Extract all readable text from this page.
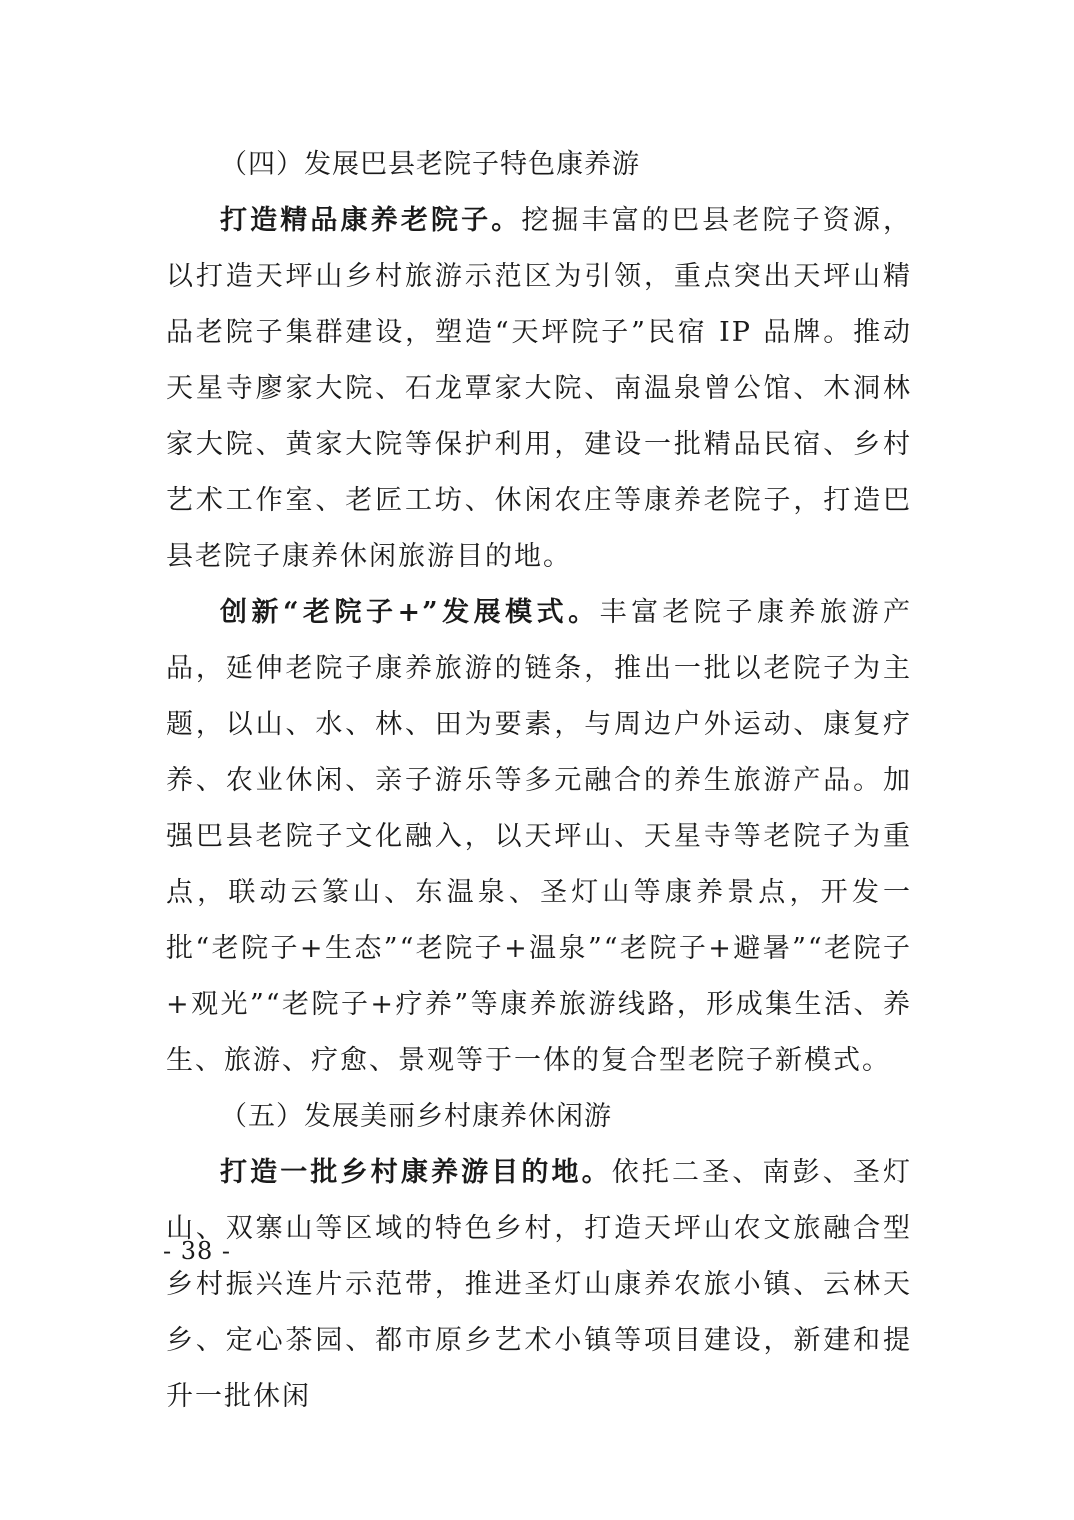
（四）发展巴县老院子特色康养游

打造精品康养老院子。挖掘丰富的巴县老院子资源，以打造天坪山乡村旅游示范区为引领，重点突出天坪山精品老院子集群建设，塑造“天坪院子”民宿 IP 品牌。推动天星寺廖家大院、石龙覃家大院、南温泉曾公馆、木洞林家大院、黄家大院等保护利用，建设一批精品民宿、乡村艺术工作室、老匠工坊、休闲农庄等康养老院子，打造巴县老院子康养休闲旅游目的地。

创新“老院子+”发展模式。丰富老院子康养旅游产品，延伸老院子康养旅游的链条，推出一批以老院子为主题，以山、水、林、田为要素，与周边户外运动、康复疗养、农业休闲、亲子游乐等多元融合的养生旅游产品。加强巴县老院子文化融入，以天坪山、天星寺等老院子为重点，联动云篆山、东温泉、圣灯山等康养景点，开发一批“老院子+生态”“老院子+温泉”“老院子+避暑”“老院子+观光”“老院子+疗养”等康养旅游线路，形成集生活、养生、旅游、疗愈、景观等于一体的复合型老院子新模式。

（五）发展美丽乡村康养休闲游

打造一批乡村康养游目的地。依托二圣、南彭、圣灯山、双寨山等区域的特色乡村，打造天坪山农文旅融合型乡村振兴连片示范带，推进圣灯山康养农旅小镇、云林天乡、定心茶园、都市原乡艺术小镇等项目建设，新建和提升一批休闲

- 38 -
